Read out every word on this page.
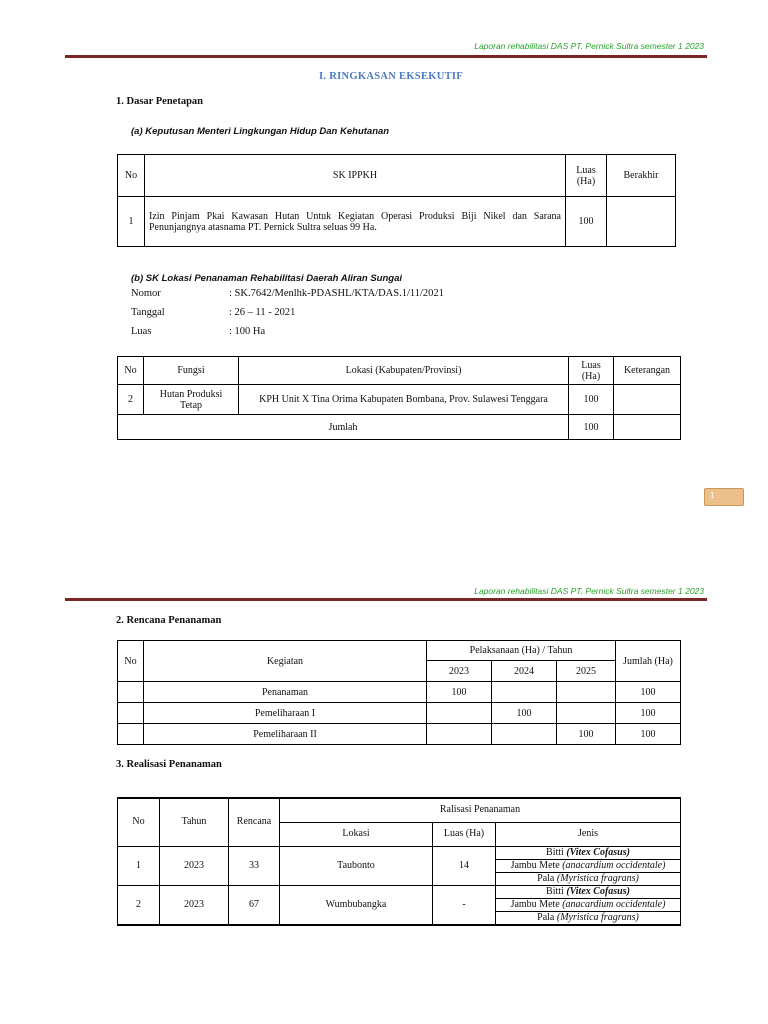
Laporan rehabilitasi DAS PT. Pernick Sultra semester 1 2023
I. RINGKASAN EKSEKUTIF
1. Dasar Penetapan
(a) Keputusan Menteri Lingkungan Hidup Dan Kehutanan
No	SK IPPKH	Luas (Ha)	Berakhir
1	Izin Pinjam Pkai Kawasan Hutan Untuk Kegiatan Operasi Produksi Biji Nikel dan Sarana Penunjangnya atasnama PT. Pernick Sultra seluas 99 Ha.	100	
(b) SK Lokasi Penanaman Rehabilitasi Daerah Aliran Sungai
Nomor	: SK.7642/Menlhk-PDASHL/KTA/DAS.1/11/2021
Tanggal	: 26 – 11 - 2021
Luas	: 100 Ha
No	Fungsi	Lokasi (Kabupaten/Provinsi)	Luas (Ha)	Keterangan
2	Hutan Produksi Tetap	KPH Unit X Tina Orima Kabupaten Bombana, Prov. Sulawesi Tenggara	100	
Jumlah			100	
1
Laporan rehabilitasi DAS PT. Pernick Sultra semester 1 2023
2. Rencana Penanaman
No	Kegiatan	Pelaksanaan (Ha) / Tahun			Jumlah (Ha)
		2023	2024	2025	
	Penanaman	100			100
	Pemeliharaan I		100		100
	Pemeliharaan II			100	100
3. Realisasi Penanaman
No	Tahun	Rencana	Ralisasi Penanaman		
			Lokasi	Luas (Ha)	Jenis
1	2023	33	Taubonto	14	Bitti (Vitex Cofasus)
					Jambu Mete (anacardium occidentale)
					Pala (Myristica fragrans)
2	2023	67	Wumbubangka	-	Bitti (Vitex Cofasus)
					Jambu Mete (anacardium occidentale)
					Pala (Myristica fragrans)
